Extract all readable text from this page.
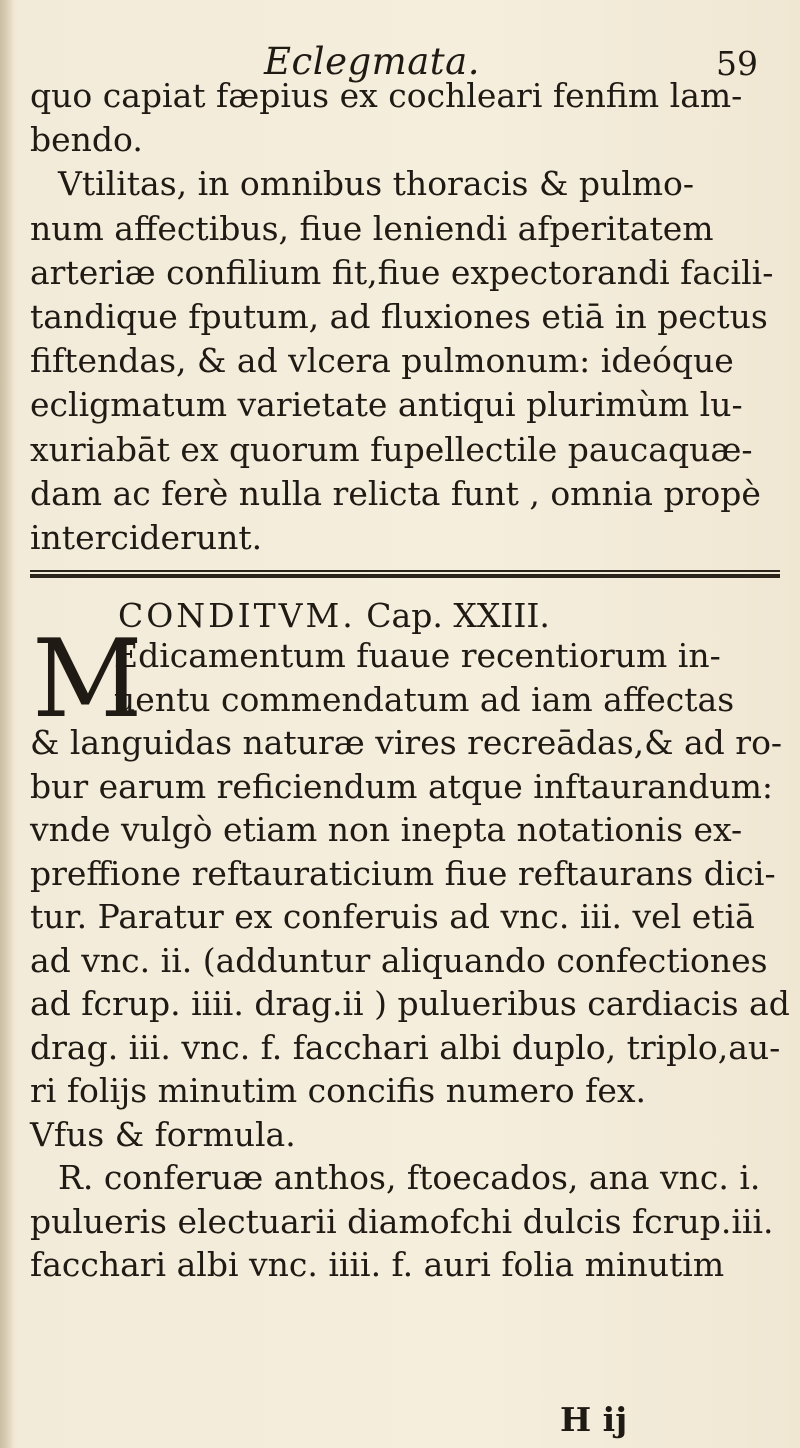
Eclegmata.	59
quo capiat fæpius ex cochleari fenfim lam-
bendo.
Vtilitas, in omnibus thoracis & pulmo-
num affectibus, fiue leniendi afperitatem
arteriæ confilium fit,fiue expectorandi facili-
tandique fputum, ad fluxiones etiā in pectus
fiftendas, & ad vlcera pulmonum: ideóque
ecligmatum varietate antiqui plurimùm lu-
xuriabāt ex quorum fupellectile paucaquæ-
dam ac ferè nulla relicta funt , omnia propè
interciderunt.
CONDITVM. Cap. XXIII.
M
Edicamentum fuaue recentiorum in-
uentu commendatum ad iam affectas
& languidas naturæ vires recreādas,& ad ro-
bur earum reficiendum atque inftaurandum:
vnde vulgò etiam non inepta notationis ex-
preffione reftauraticium fiue reftaurans dici-
tur. Paratur ex conferuis ad vnc. iii. vel etiā
ad vnc. ii. (adduntur aliquando confectiones
ad fcrup. iiii. drag.ii ) pulueribus cardiacis ad
drag. iii. vnc. f. facchari albi duplo, triplo,au-
ri folijs minutim concifis numero fex.
Vfus & formula.
R. conferuæ anthos, ftoecados, ana vnc. i.
pulueris electuarii diamofchi dulcis fcrup.iii.
facchari albi vnc. iiii. f. auri folia minutim
H ij
